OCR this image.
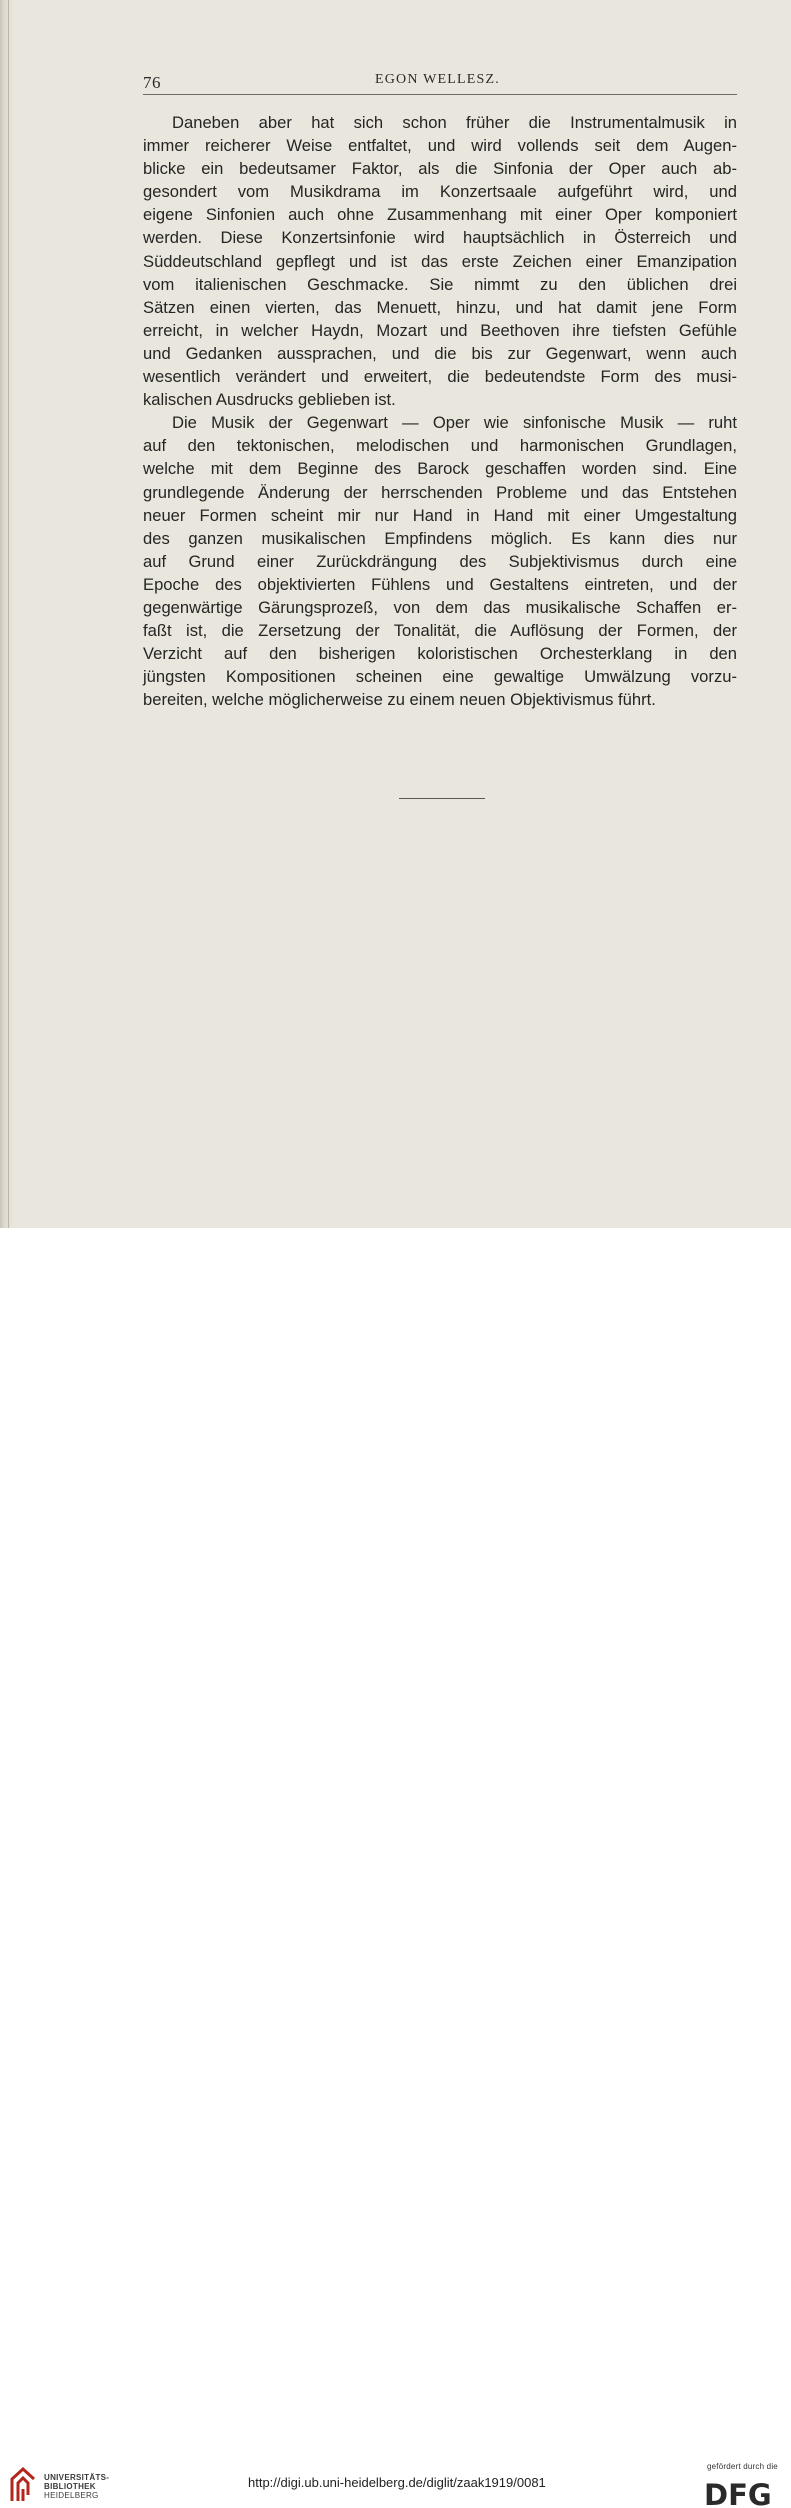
76	EGON WELLESZ.
Daneben aber hat sich schon früher die Instrumentalmusik in
immer reicherer Weise entfaltet, und wird vollends seit dem Augen-
blicke ein bedeutsamer Faktor, als die Sinfonia der Oper auch ab-
gesondert vom Musikdrama im Konzertsaale aufgeführt wird, und
eigene Sinfonien auch ohne Zusammenhang mit einer Oper komponiert
werden. Diese Konzertsinfonie wird hauptsächlich in Österreich und
Süddeutschland gepflegt und ist das erste Zeichen einer Emanzipation
vom italienischen Geschmacke. Sie nimmt zu den üblichen drei
Sätzen einen vierten, das Menuett, hinzu, und hat damit jene Form
erreicht, in welcher Haydn, Mozart und Beethoven ihre tiefsten Gefühle
und Gedanken aussprachen, und die bis zur Gegenwart, wenn auch
wesentlich verändert und erweitert, die bedeutendste Form des musi-
kalischen Ausdrucks geblieben ist.
Die Musik der Gegenwart — Oper wie sinfonische Musik — ruht
auf den tektonischen, melodischen und harmonischen Grundlagen,
welche mit dem Beginne des Barock geschaffen worden sind. Eine
grundlegende Änderung der herrschenden Probleme und das Entstehen
neuer Formen scheint mir nur Hand in Hand mit einer Umgestaltung
des ganzen musikalischen Empfindens möglich. Es kann dies nur
auf Grund einer Zurückdrängung des Subjektivismus durch eine
Epoche des objektivierten Fühlens und Gestaltens eintreten, und der
gegenwärtige Gärungsprozeß, von dem das musikalische Schaffen er-
faßt ist, die Zersetzung der Tonalität, die Auflösung der Formen, der
Verzicht auf den bisherigen koloristischen Orchesterklang in den
jüngsten Kompositionen scheinen eine gewaltige Umwälzung vorzu-
bereiten, welche möglicherweise zu einem neuen Objektivismus führt.
UNIVERSITÄTS-
BIBLIOTHEK
HEIDELBERG
http://digi.ub.uni-heidelberg.de/diglit/zaak1919/0081
gefördert durch die
DFG
